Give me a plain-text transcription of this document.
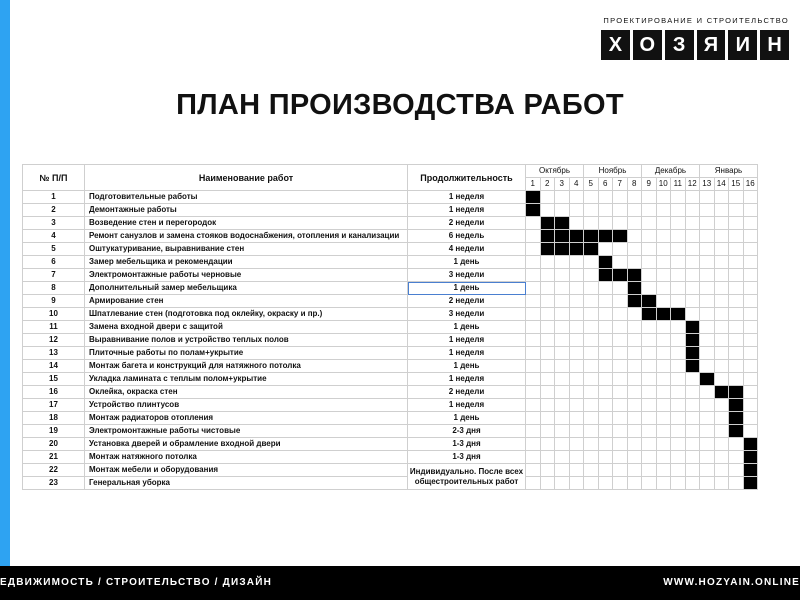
ПРОЕКТИРОВАНИЕ И СТРОИТЕЛЬСТВО
Х О З Я И Н
ПЛАН ПРОИЗВОДСТВА РАБОТ
№ П/П	Наименование работ	Продолжительность	Октябрь				Ноябрь				Декабрь				Январь			
			1	2	3	4	5	6	7	8	9	10	11	12	13	14	15	16
1	Подготовительные работы	1 неделя																
2	Демонтажные работы	1 неделя																
3	Возведение стен и перегородок	2 недели																
4	Ремонт санузлов и замена стояков водоснабжения, отопления и канализации	6 недель																
5	Оштукатуривание, выравнивание стен	4 недели																
6	Замер мебельщика и рекомендации	1 день																
7	Электромонтажные работы черновые	3 недели																
8	Дополнительный замер мебельщика	1 день																
9	Армирование стен	2 недели																
10	Шпатлевание стен (подготовка под оклейку, окраску и пр.)	3 недели																
11	Замена входной двери с защитой	1 день																
12	Выравнивание полов и устройство теплых полов	1 неделя																
13	Плиточные работы по полам+укрытие	1 неделя																
14	Монтаж багета и конструкций для натяжного потолка	1 день																
15	Укладка ламината с теплым полом+укрытие	1 неделя																
16	Оклейка, окраска стен	2 недели																
17	Устройство плинтусов	1 неделя																
18	Монтаж радиаторов отопления	1 день																
19	Электромонтажные работы чистовые	2-3 дня																
20	Установка дверей и обрамление входной двери	1-3 дня																
21	Монтаж натяжного потолка	1-3 дня																
22	Монтаж мебели и оборудования	Индивидуально. После всех общестроительных работ																
23	Генеральная уборка																	
ЕДВИЖИМОСТЬ / СТРОИТЕЛЬСТВО / ДИЗАЙН	WWW.HOZYAIN.ONLINE
